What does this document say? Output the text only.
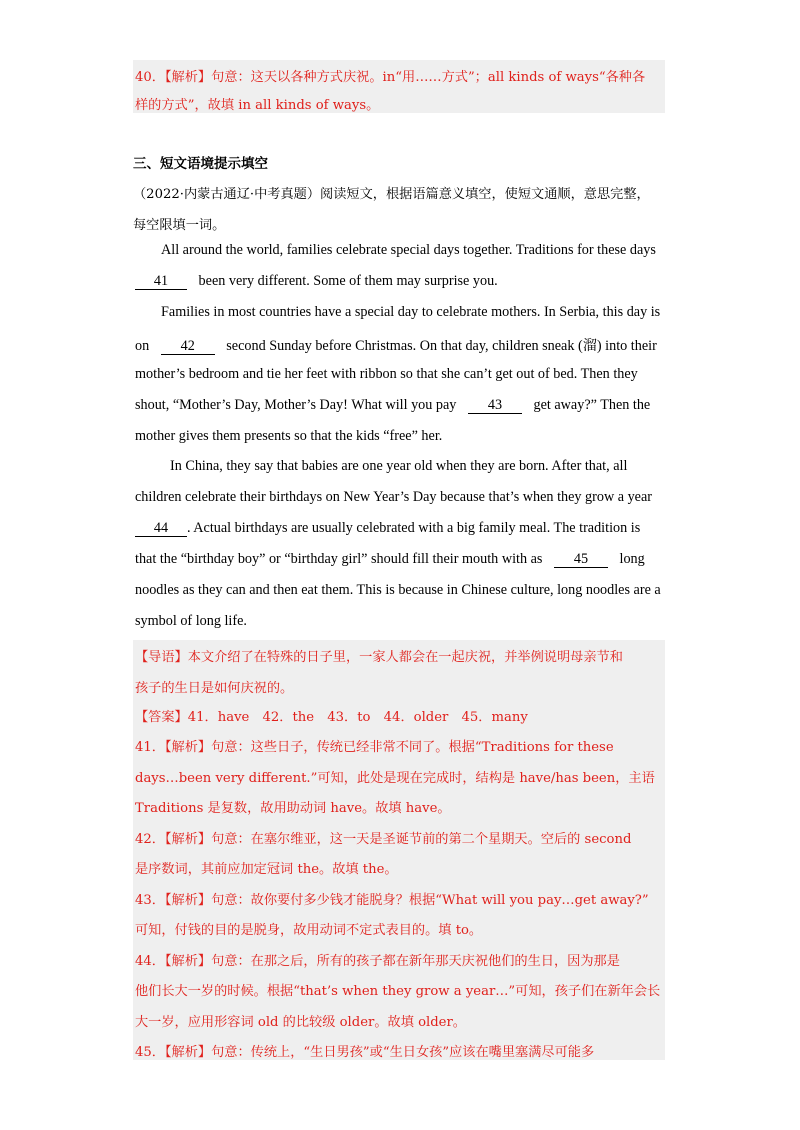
40．【解析】句意：这天以各种方式庆祝。in“用……方式”；all kinds of ways“各种各
样的方式”，故填 in all kinds of ways。
三、短文语境提示填空
（2022·内蒙古通辽·中考真题）阅读短文，根据语篇意义填空，使短文通顺，意思完整，
每空限填一词。
All around the world, families celebrate special days together. Traditions for these days
41 been very different. Some of them may surprise you.
Families in most countries have a special day to celebrate mothers. In Serbia, this day is
on 42 second Sunday before Christmas. On that day, children sneak (溜) into their
mother’s bedroom and tie her feet with ribbon so that she can’t get out of bed. Then they
shout, “Mother’s Day, Mother’s Day! What will you pay 43 get away?” Then the
mother gives them presents so that the kids “free” her.
In China, they say that babies are one year old when they are born. After that, all
children celebrate their birthdays on New Year’s Day because that’s when they grow a year
44 . Actual birthdays are usually celebrated with a big family meal. The tradition is
that the “birthday boy” or “birthday girl” should fill their mouth with as 45 long
noodles as they can and then eat them. This is because in Chinese culture, long noodles are a
symbol of long life.
【导语】本文介绍了在特殊的日子里，一家人都会在一起庆祝，并举例说明母亲节和
孩子的生日是如何庆祝的。
【答案】41．have　42．the　43．to　44．older　45．many
41．【解析】句意：这些日子，传统已经非常不同了。根据“Traditions for these
days…been very different.”可知，此处是现在完成时，结构是 have/has been，主语
Traditions 是复数，故用助动词 have。故填 have。
42．【解析】句意：在塞尔维亚，这一天是圣诞节前的第二个星期天。空后的 second
是序数词，其前应加定冠词 the。故填 the。
43．【解析】句意：故你要付多少钱才能脱身？根据“What will you pay…get away?”
可知，付钱的目的是脱身，故用动词不定式表目的。填 to。
44．【解析】句意：在那之后，所有的孩子都在新年那天庆祝他们的生日，因为那是
他们长大一岁的时候。根据“that’s when they grow a year…”可知，孩子们在新年会长
大一岁，应用形容词 old 的比较级 older。故填 older。
45．【解析】句意：传统上，“生日男孩”或“生日女孩”应该在嘴里塞满尽可能多
